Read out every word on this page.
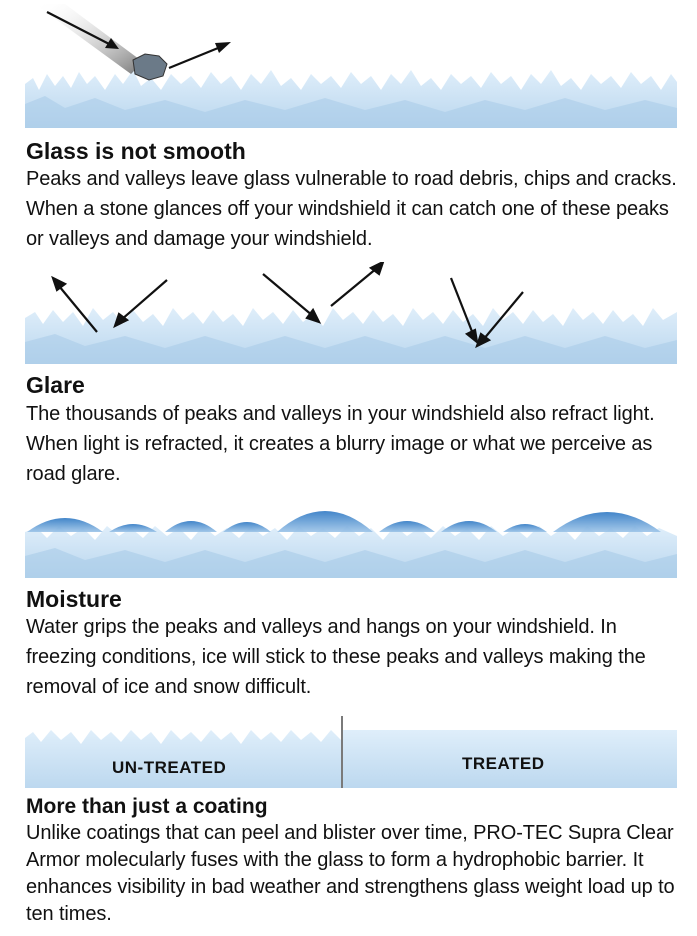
Glass is not smooth

Peaks and valleys leave glass vulnerable to road debris, chips and cracks. When a stone glances off your windshield it can catch one of these peaks or valleys and damage your windshield.

Glare

The thousands of peaks and valleys in your windshield also refract light. When light is refracted, it creates a blurry image or what we perceive as road glare.

Moisture

Water grips the peaks and valleys and hangs on your windshield. In freezing conditions, ice will stick to these peaks and valleys making the removal of ice and snow difficult.

UN-TREATED	TREATED
More than just a coating

Unlike coatings that can peel and blister over time, PRO-TEC Supra Clear Armor molecularly fuses with the glass to form a hydrophobic barrier. It enhances visibility in bad weather and strengthens glass weight load up to ten times.
